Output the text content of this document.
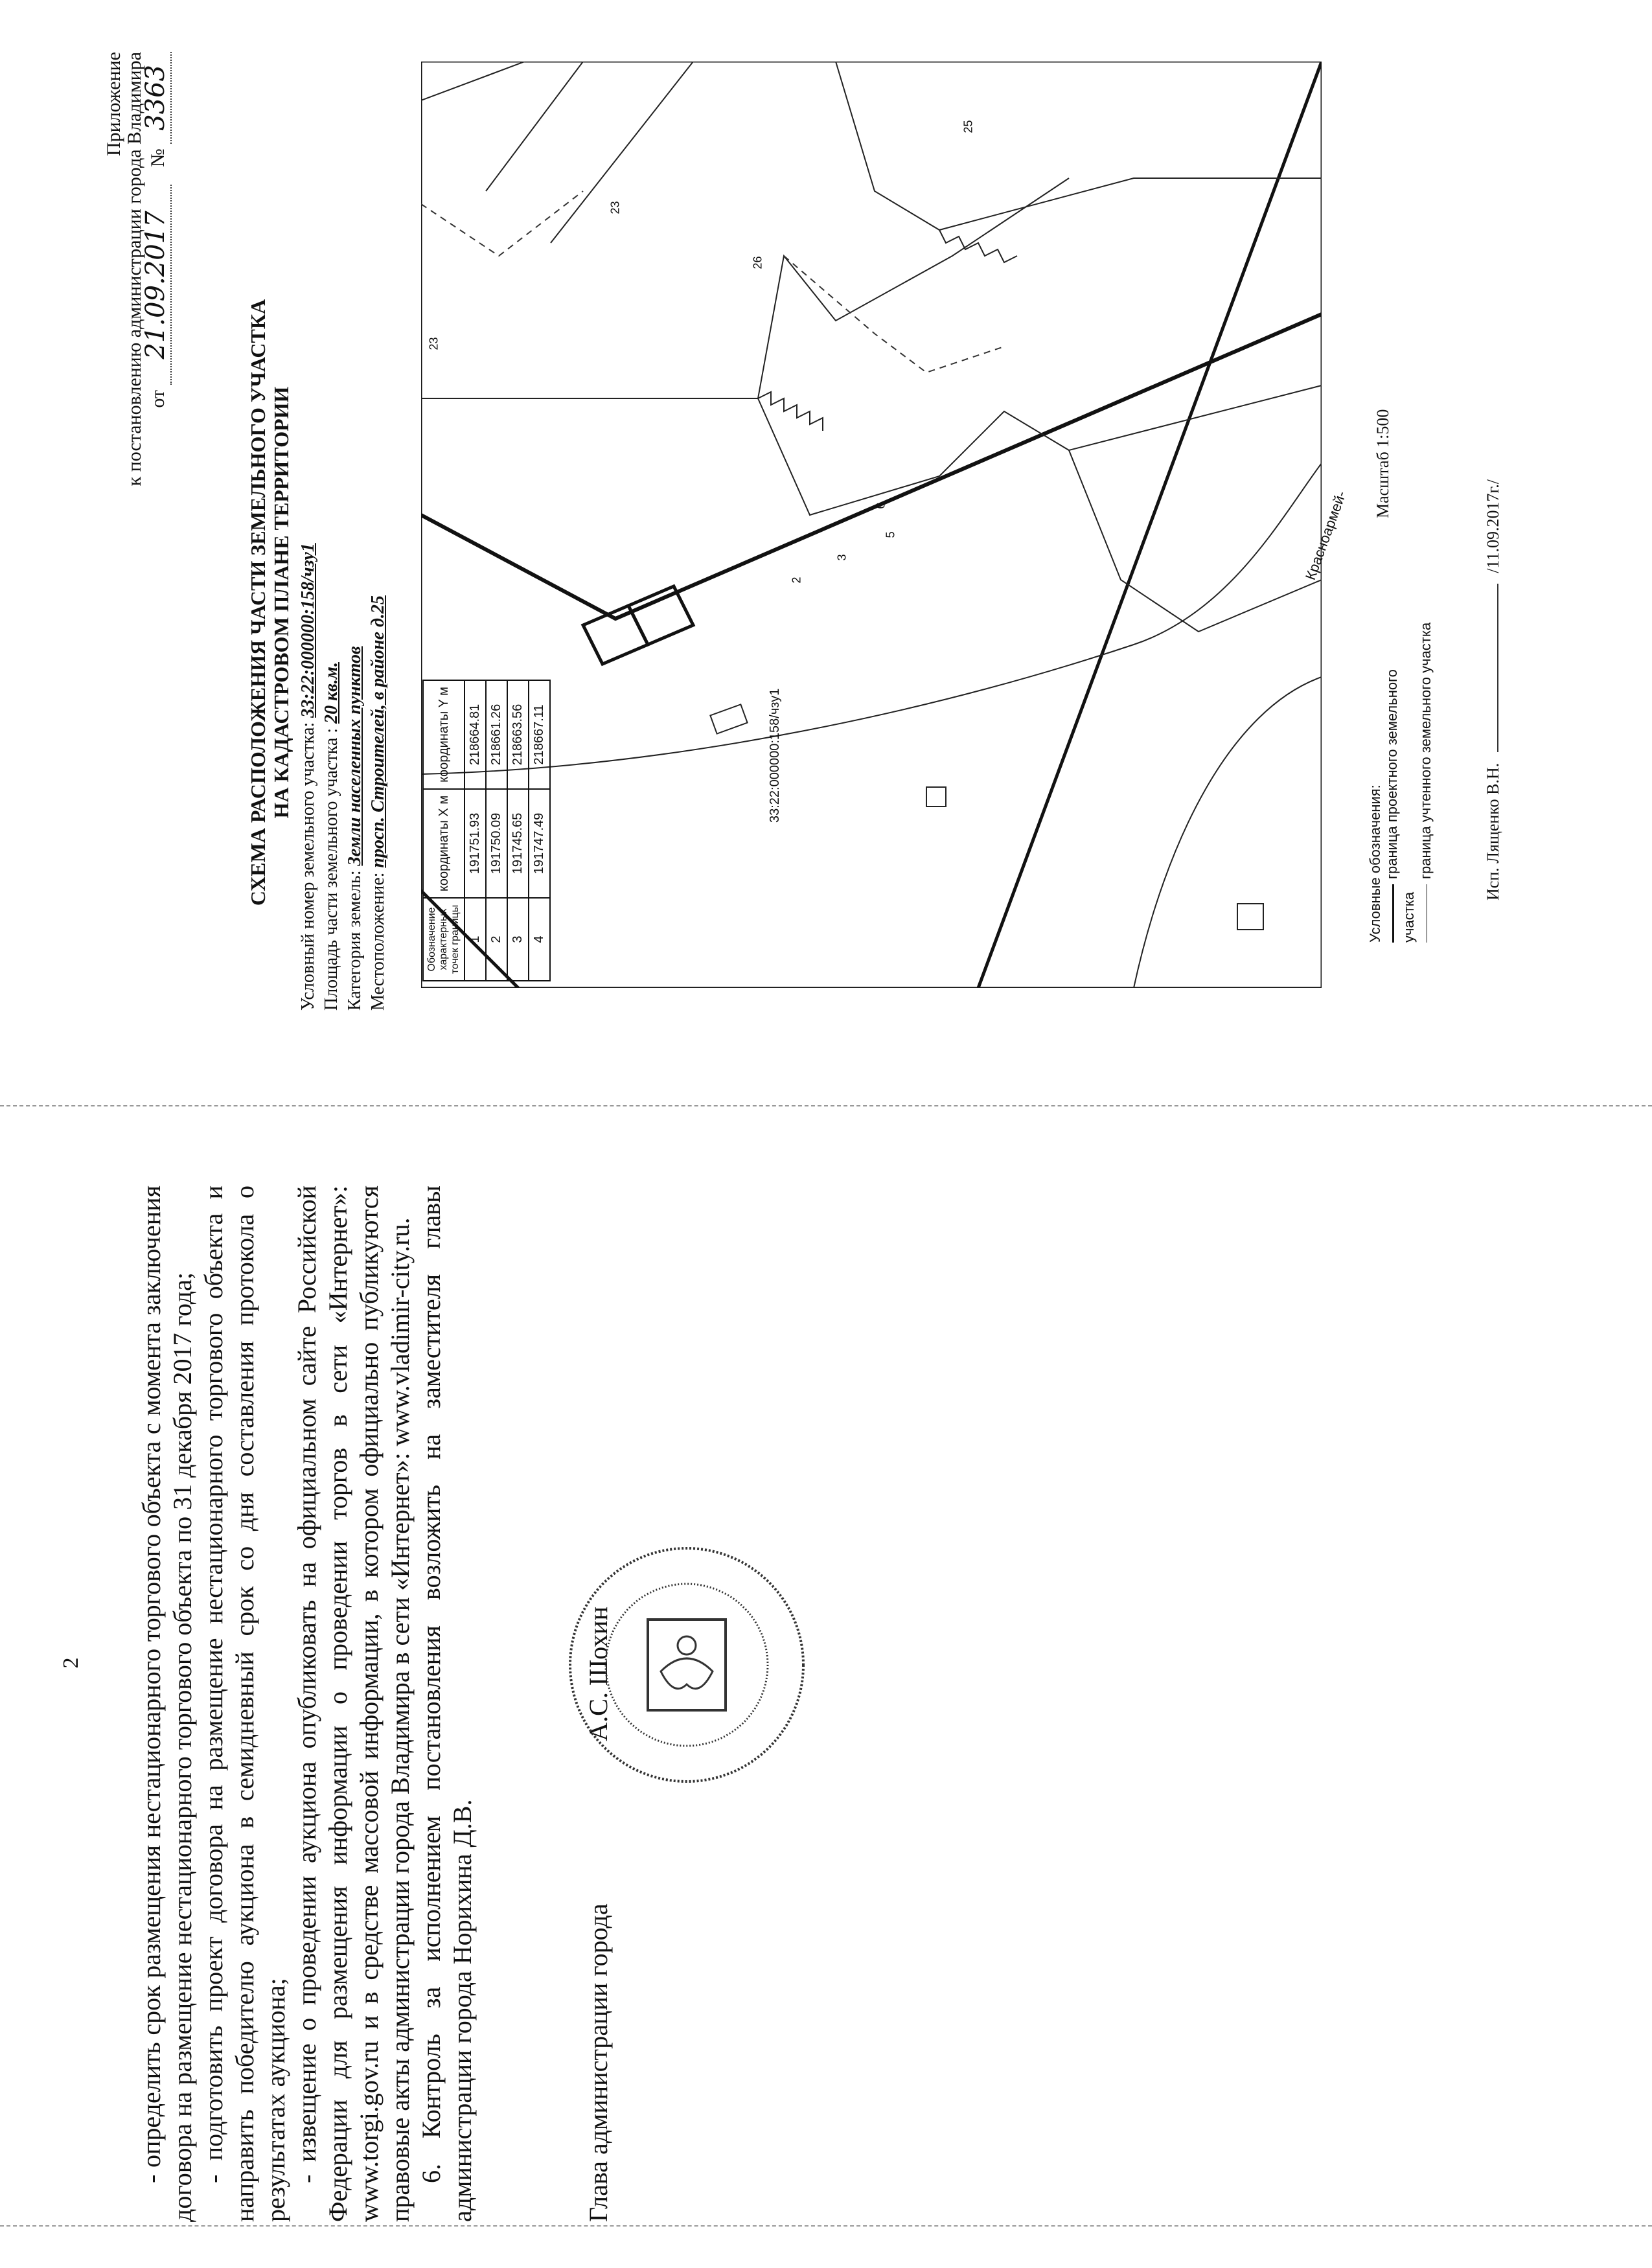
2 - определить срок размещения нестационарного торгового объекта с момента заключения договора на размещение нестационарного торгового объекта по 31 декабря 2017 года; - подготовить проект договора на размещение нестационарного торгового объекта и направить победителю аукциона в семидневный срок со дня составления протокола о результатах аукциона; - извещение о проведении аукциона опубликовать на официальном сайте Российской Федерации для размещения информации о проведении торгов в сети «Интернет»: www.torgi.gov.ru и в средстве массовой информации, в котором официально публикуются правовые акты администрации города Владимира в сети «Интернет»: www.vladimir-city.ru. 6. Контроль за исполнением постановления возложить на заместителя главы администрации города Норихина Д.В.	Глава администрации города
А.С. Шохин
Приложение к постановлению администрации города Владимира от 21.09.2017 № 3363
СХЕМА РАСПОЛОЖЕНИЯ ЧАСТИ ЗЕМЕЛЬНОГО УЧАСТКА НА КАДАСТРОВОМ ПЛАНЕ ТЕРРИТОРИИ
Условный номер земельного участка: 33:22:000000:158/чзу1
Площадь части земельного участка : 20 кв.м.
Категория земель: Земли населенных пунктов
Местоположение: просп. Строителей, в районе д.25
23
25
26
23
33:22:000000:158/чзу1
2
3
5
6	Красноармей-
Обозначение характерных точек границы	координаты X м	координаты Y м
1	191751.93	218664.81
2	191750.09	218661.26
3	191745.65	218663.56
4	191747.49	218667.11
Условные обозначения: граница проектного земельного участка
граница учтенного земельного участка
Масштаб 1:500
Исп. Лященко В.Н.  /11.09.2017г./
